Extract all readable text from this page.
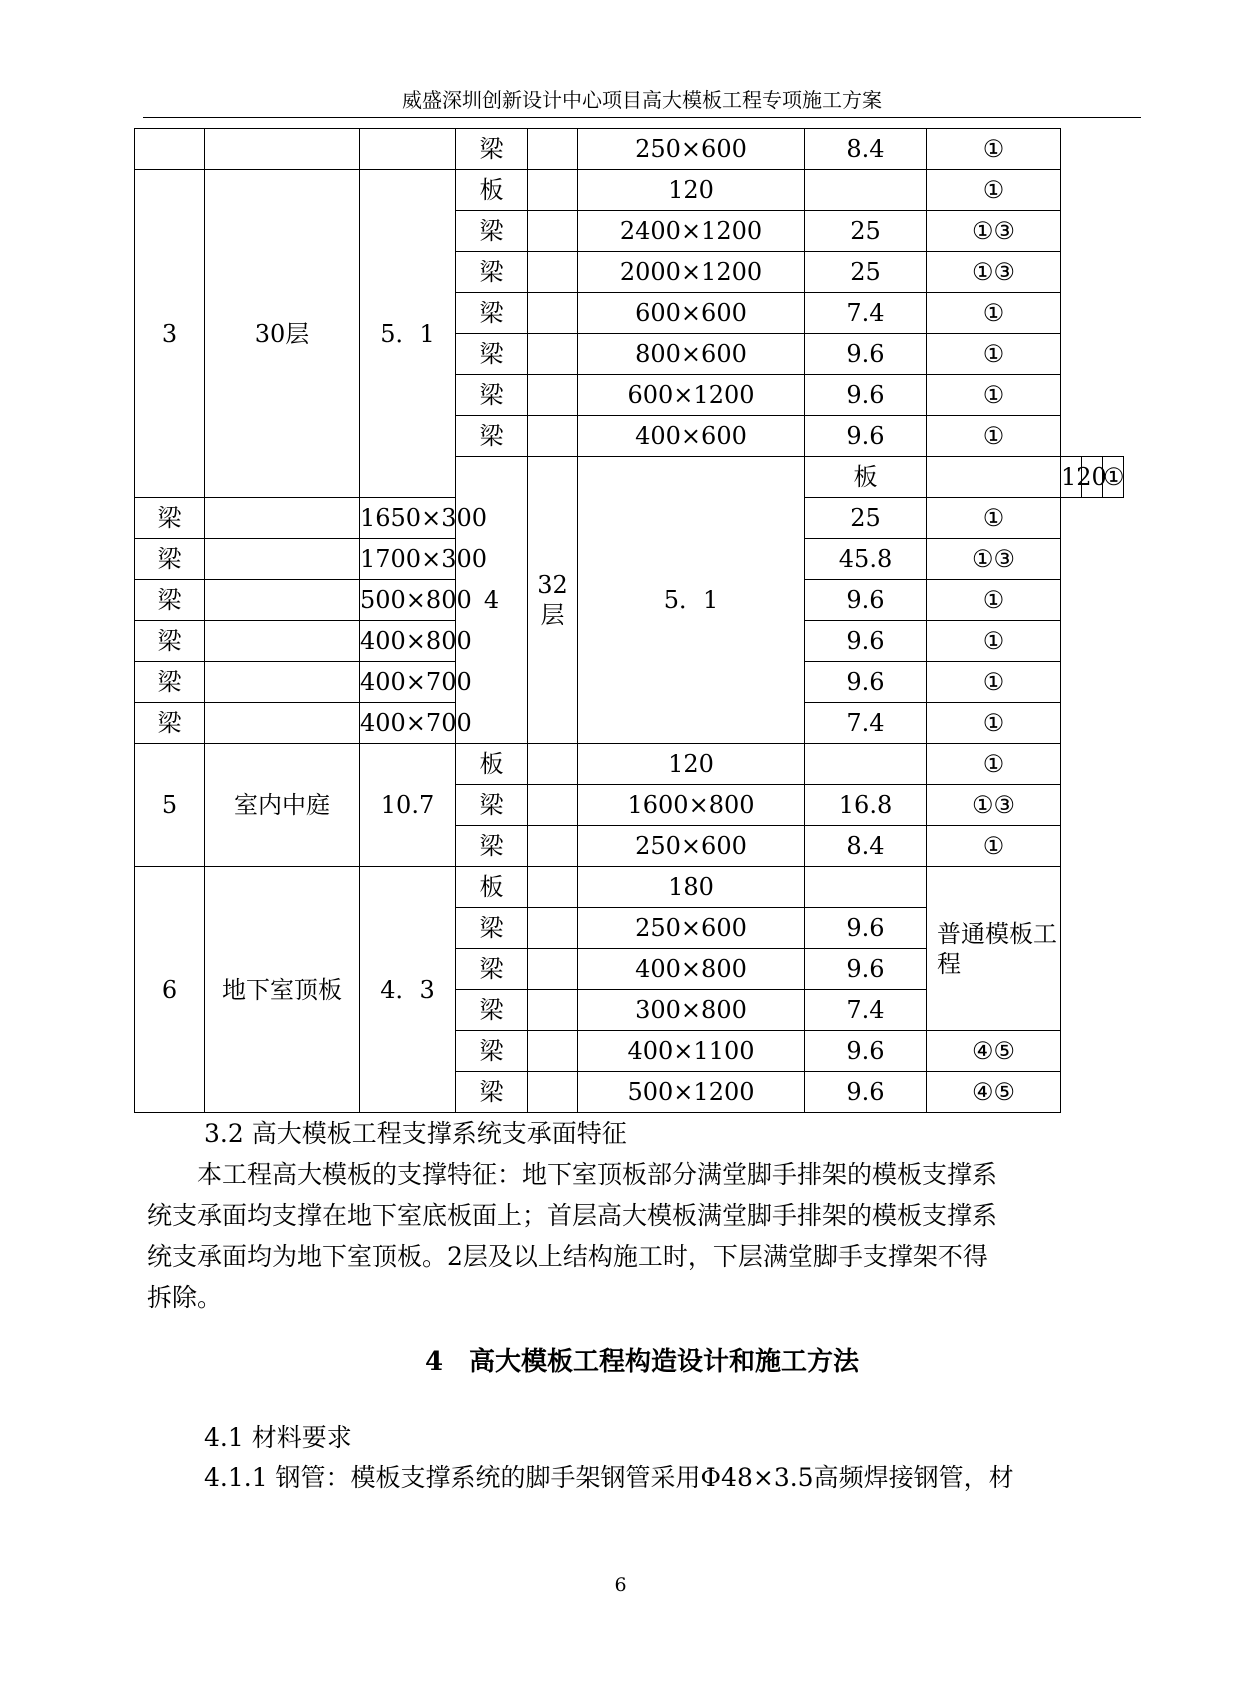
威盛深圳创新设计中心项目高大模板工程专项施工方案
			梁		250×600	8.4	①			
3	30层	5．1	板		120		①			
			梁		2400×1200	25	①③			
			梁		2000×1200	25	①③			
			梁		600×600	7.4	①			
			梁		800×600	9.6	①			
			梁		600×1200	9.6	①			
			梁		400×600	9.6	①			
			4	32层	5．1	板		120		①
梁		1650×300				25	①			
梁		1700×300				45.8	①③			
梁		500×800				9.6	①			
梁		400×800				9.6	①			
梁		400×700				9.6	①			
梁		400×700				7.4	①			
5	室内中庭	10.7	板		120		①			
			梁		1600×800	16.8	①③			
			梁		250×600	8.4	①			
6	地下室顶板	4．3	板		180		普通模板工程			
			梁		250×600	9.6				
			梁		400×800	9.6				
			梁		300×800	7.4				
			梁		400×1100	9.6	④⑤			
			梁		500×1200	9.6	④⑤			
3.2 高大模板工程支撑系统支承面特征
本工程高大模板的支撑特征：地下室顶板部分满堂脚手排架的模板支撑系
统支承面均支撑在地下室底板面上；首层高大模板满堂脚手排架的模板支撑系
统支承面均为地下室顶板。2层及以上结构施工时，下层满堂脚手支撑架不得
拆除。
4　高大模板工程构造设计和施工方法
4.1 材料要求
4.1.1 钢管：模板支撑系统的脚手架钢管采用Φ48×3.5高频焊接钢管，材
6
